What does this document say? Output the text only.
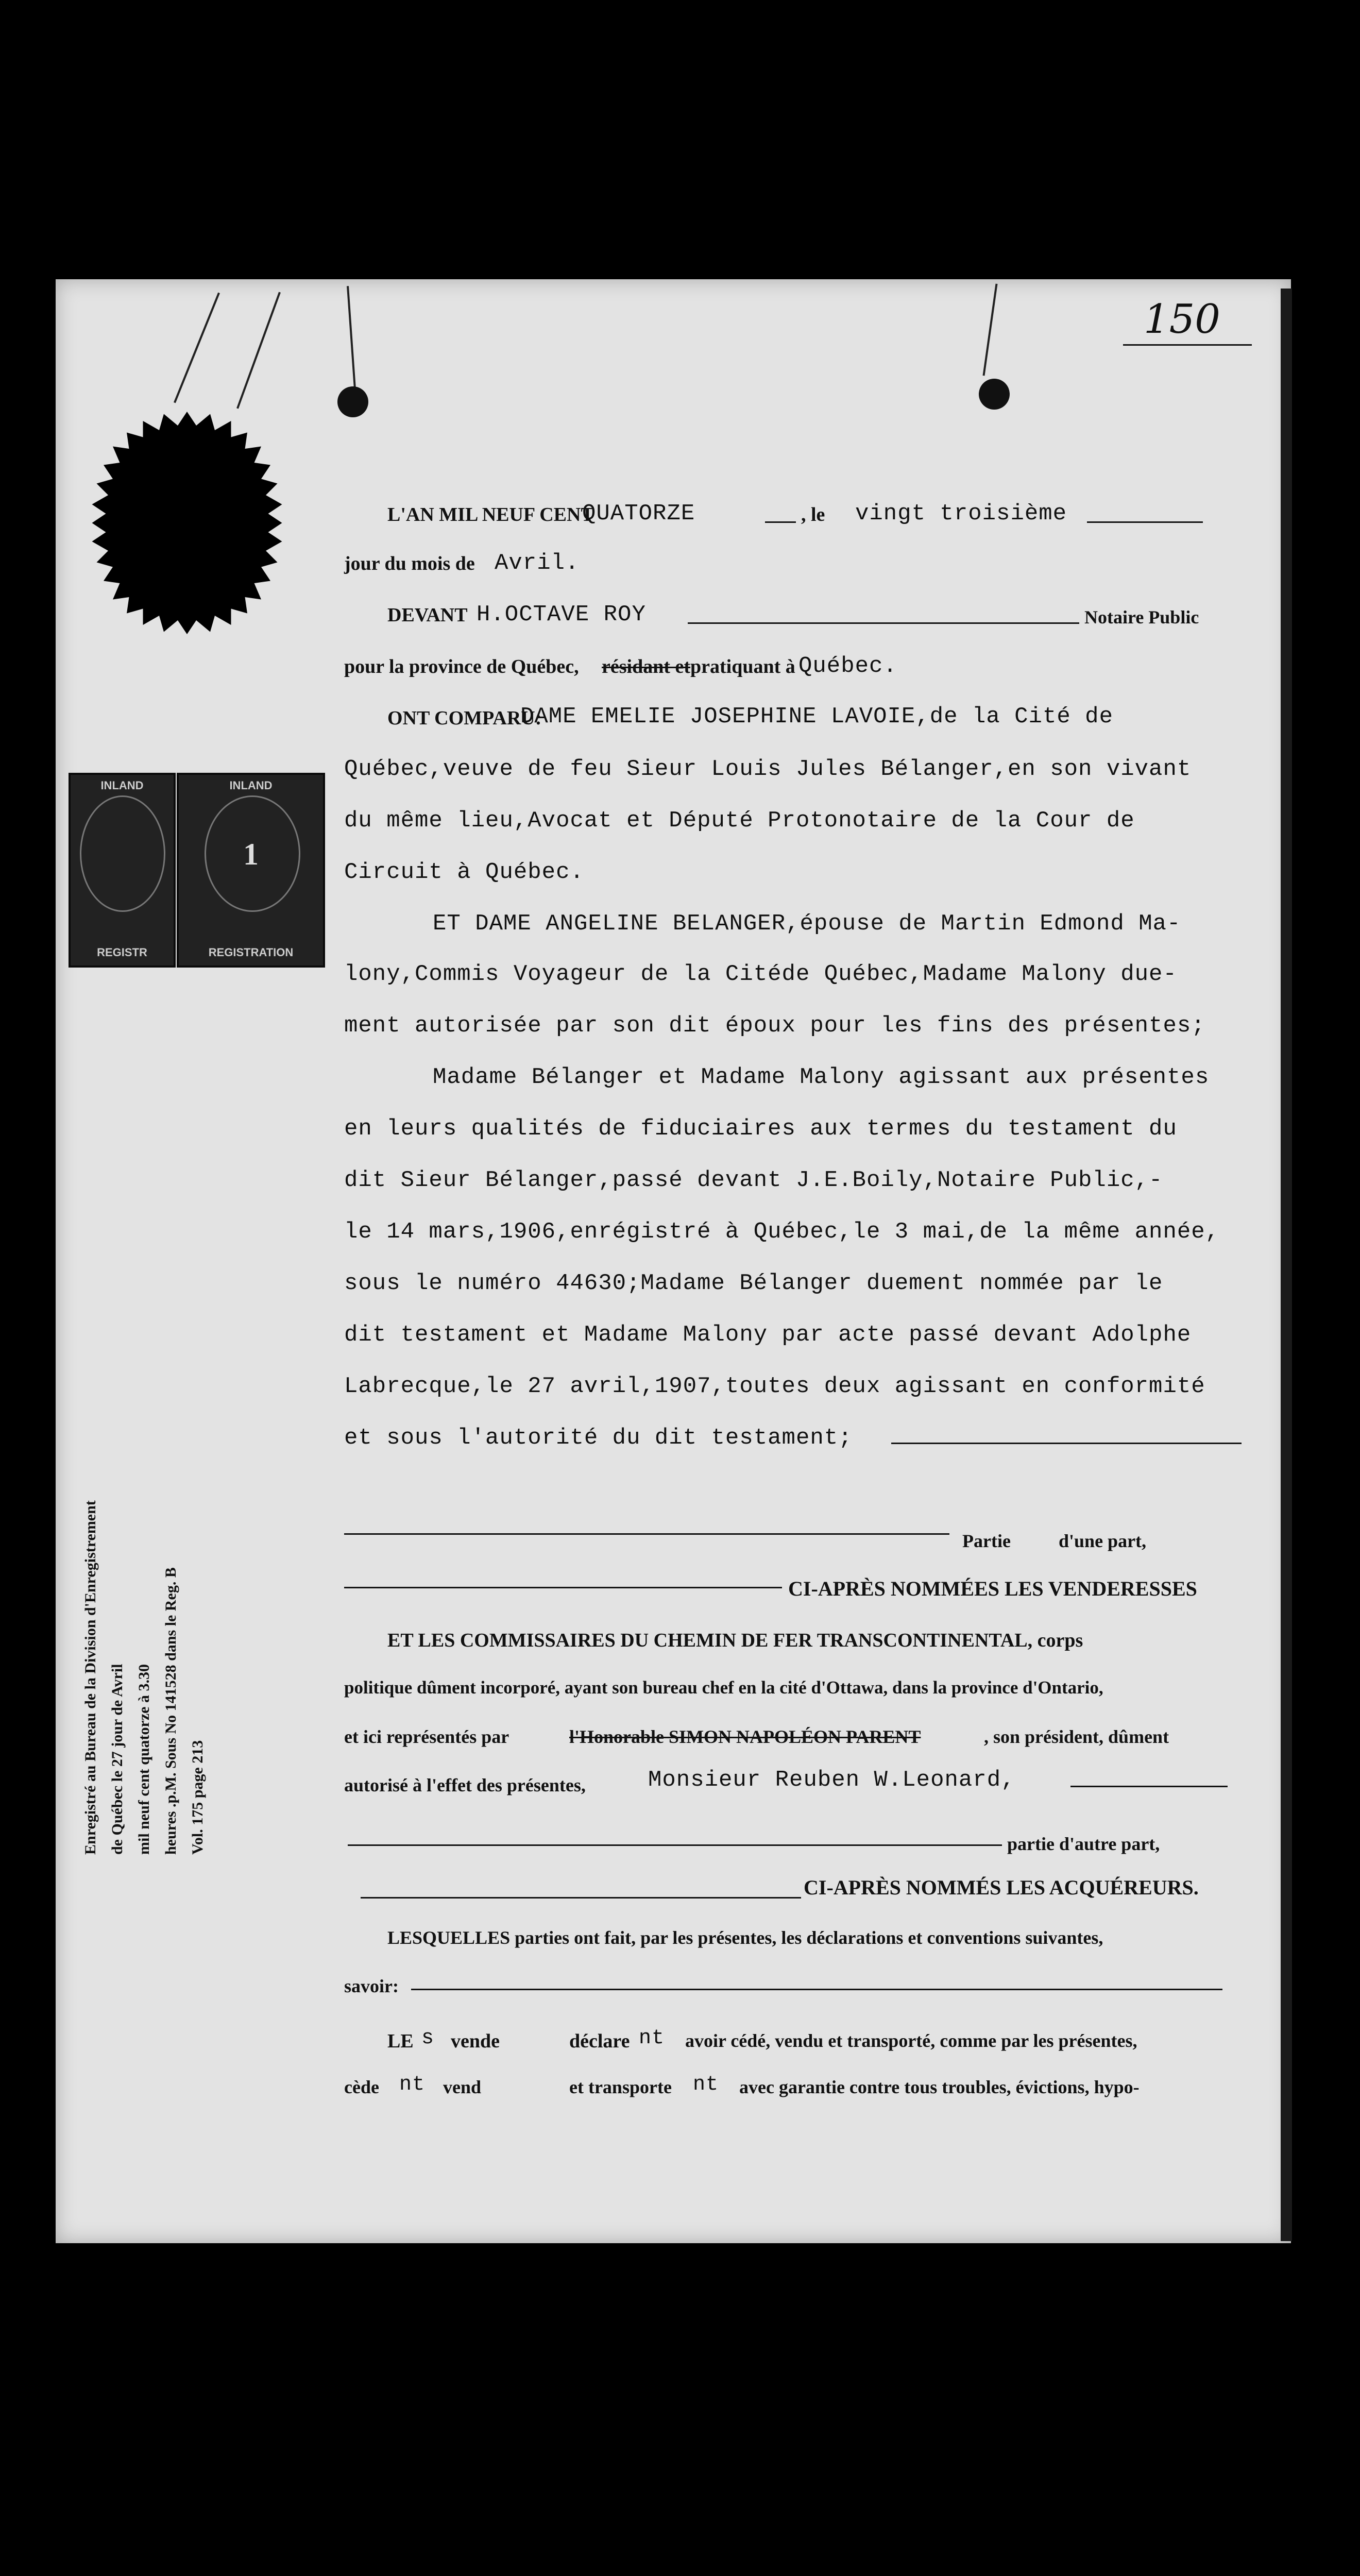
150
INLAND
REGISTR
INLAND
1
REGISTRATION
L'AN MIL NEUF CENT
QUATORZE	, le vingt troisième
jour du mois de Avril.
DEVANT H.OCTAVE ROY	Notaire Public
pour la province de Québec, résidant et pratiquant à Québec.
ONT COMPARU:
DAME EMELIE JOSEPHINE LAVOIE,de la Cité de
Québec,veuve de feu Sieur Louis Jules Bélanger,en son vivant
du même lieu,Avocat et Député Protonotaire de la Cour de
Circuit à Québec.
ET DAME ANGELINE BELANGER,épouse de Martin Edmond Ma-
lony,Commis Voyageur de la Citéde Québec,Madame Malony due-
ment autorisée par son dit époux pour les fins des présentes;
Madame Bélanger et Madame Malony agissant aux présentes
en leurs qualités de fiduciaires aux termes du testament du
dit Sieur Bélanger,passé devant J.E.Boily,Notaire Public,-
le 14 mars,1906,enrégistré à Québec,le 3 mai,de la même année,
sous le numéro 44630;Madame Bélanger duement nommée par le
dit testament et Madame Malony par acte passé devant Adolphe
Labrecque,le 27 avril,1907,toutes deux agissant en conformité
et sous l'autorité du dit testament;
Partie	d'une part,
CI-APRÈS NOMMÉES LES VENDERESSES
ET LES COMMISSAIRES DU CHEMIN DE FER TRANSCONTINENTAL, corps
politique dûment incorporé, ayant son bureau chef en la cité d'Ottawa, dans la province d'Ontario,
et ici représentés par	l'Honorable SIMON NAPOLÉON PARENT	, son président, dûment
autorisé à l'effet des présentes,	Monsieur Reuben W.Leonard,
partie d'autre part,
CI-APRÈS NOMMÉS LES ACQUÉREURS.
LESQUELLES parties ont fait, par les présentes, les déclarations et conventions suivantes,
savoir:
LE s vende	déclare nt avoir cédé, vendu et transporté, comme par les présentes,
cède nt vend	et transporte nt avec garantie contre tous troubles, évictions, hypo-
Enregistré au Bureau de la Division d'Enregistrement de Québec le 27 jour de Avril mil neuf cent quatorze à 3.30 heures .p.M. Sous No 141528 dans le Reg. B Vol. 175 page 213
